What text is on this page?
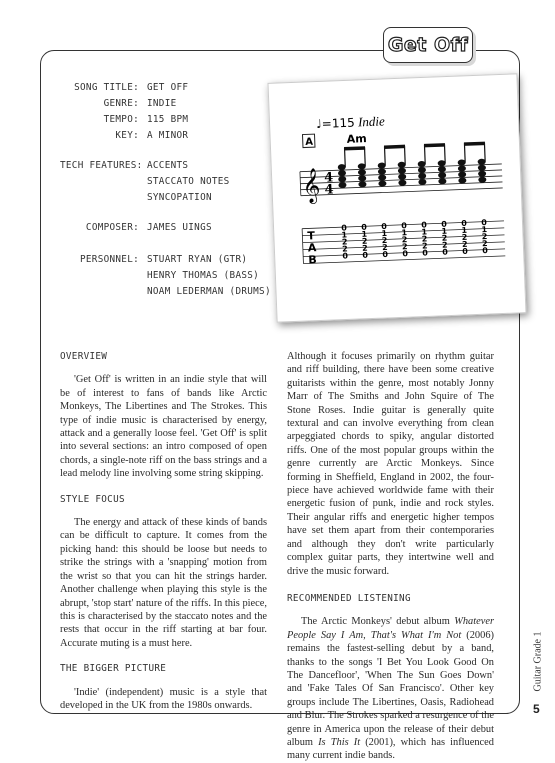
Get Off
SONG TITLE: GET OFF
GENRE: INDIE
TEMPO: 115 BPM
KEY: A MINOR
TECH FEATURES: ACCENTS
STACCATO NOTES
SYNCOPATION
COMPOSER: JAMES UINGS
PERSONNEL: STUART RYAN (GTR)
HENRY THOMAS (BASS)
NOAM LEDERMAN (DRUMS)
♩=115 Indie
A	Am
𝄞 4
4
T
A
B
0
1
2
2
0
0
1
2
2
0
0
1
2
2
0
0
1
2
2
0
0
1
2
2
0
0
1
2
2
0
0
1
2
2
0
0
1
2
2
0

OVERVIEW

'Get Off' is written in an indie style that will be of interest to fans of bands like Arctic Monkeys, The Libertines and The Strokes. This type of indie music is characterised by energy, attack and a generally loose feel. 'Get Off' is split into several sections: an intro composed of open chords, a single-note riff on the bass strings and a lead melody line involving some string skipping.

STYLE FOCUS

The energy and attack of these kinds of bands can be difficult to capture. It comes from the picking hand: this should be loose but needs to strike the strings with a 'snapping' motion from the wrist so that you can hit the strings harder. Another challenge when playing this style is the abrupt, 'stop start' nature of the riffs. In this piece, this is characterised by the staccato notes and the rests that occur in the riff starting at bar four. Accurate muting is a must here.

THE BIGGER PICTURE

'Indie' (independent) music is a style that developed in the UK from the 1980s onwards.

Although it focuses primarily on rhythm guitar and riff building, there have been some creative guitarists within the genre, most notably Jonny Marr of The Smiths and John Squire of The Stone Roses. Indie guitar is generally quite textural and can involve everything from clean arpeggiated chords to spiky, angular distorted riffs. One of the most popular groups within the genre currently are Arctic Monkeys. Since forming in Sheffield, England in 2002, the four-piece have achieved worldwide fame with their energetic fusion of punk, indie and rock styles. Their angular riffs and energetic higher tempos have set them apart from their contemporaries and although they don't write particularly complex guitar parts, they intertwine well and drive the music forward.

RECOMMENDED LISTENING

The Arctic Monkeys' debut album Whatever People Say I Am, That's What I'm Not (2006) remains the fastest-selling debut by a band, thanks to the songs 'I Bet You Look Good On The Dancefloor', 'When The Sun Goes Down' and 'Fake Tales Of San Francisco'. Other key groups include The Libertines, Oasis, Radiohead and Blur. The Strokes sparked a resurgence of the genre in America upon the release of their debut album Is This It (2001), which has influenced many current indie bands.

Guitar Grade 1
5
